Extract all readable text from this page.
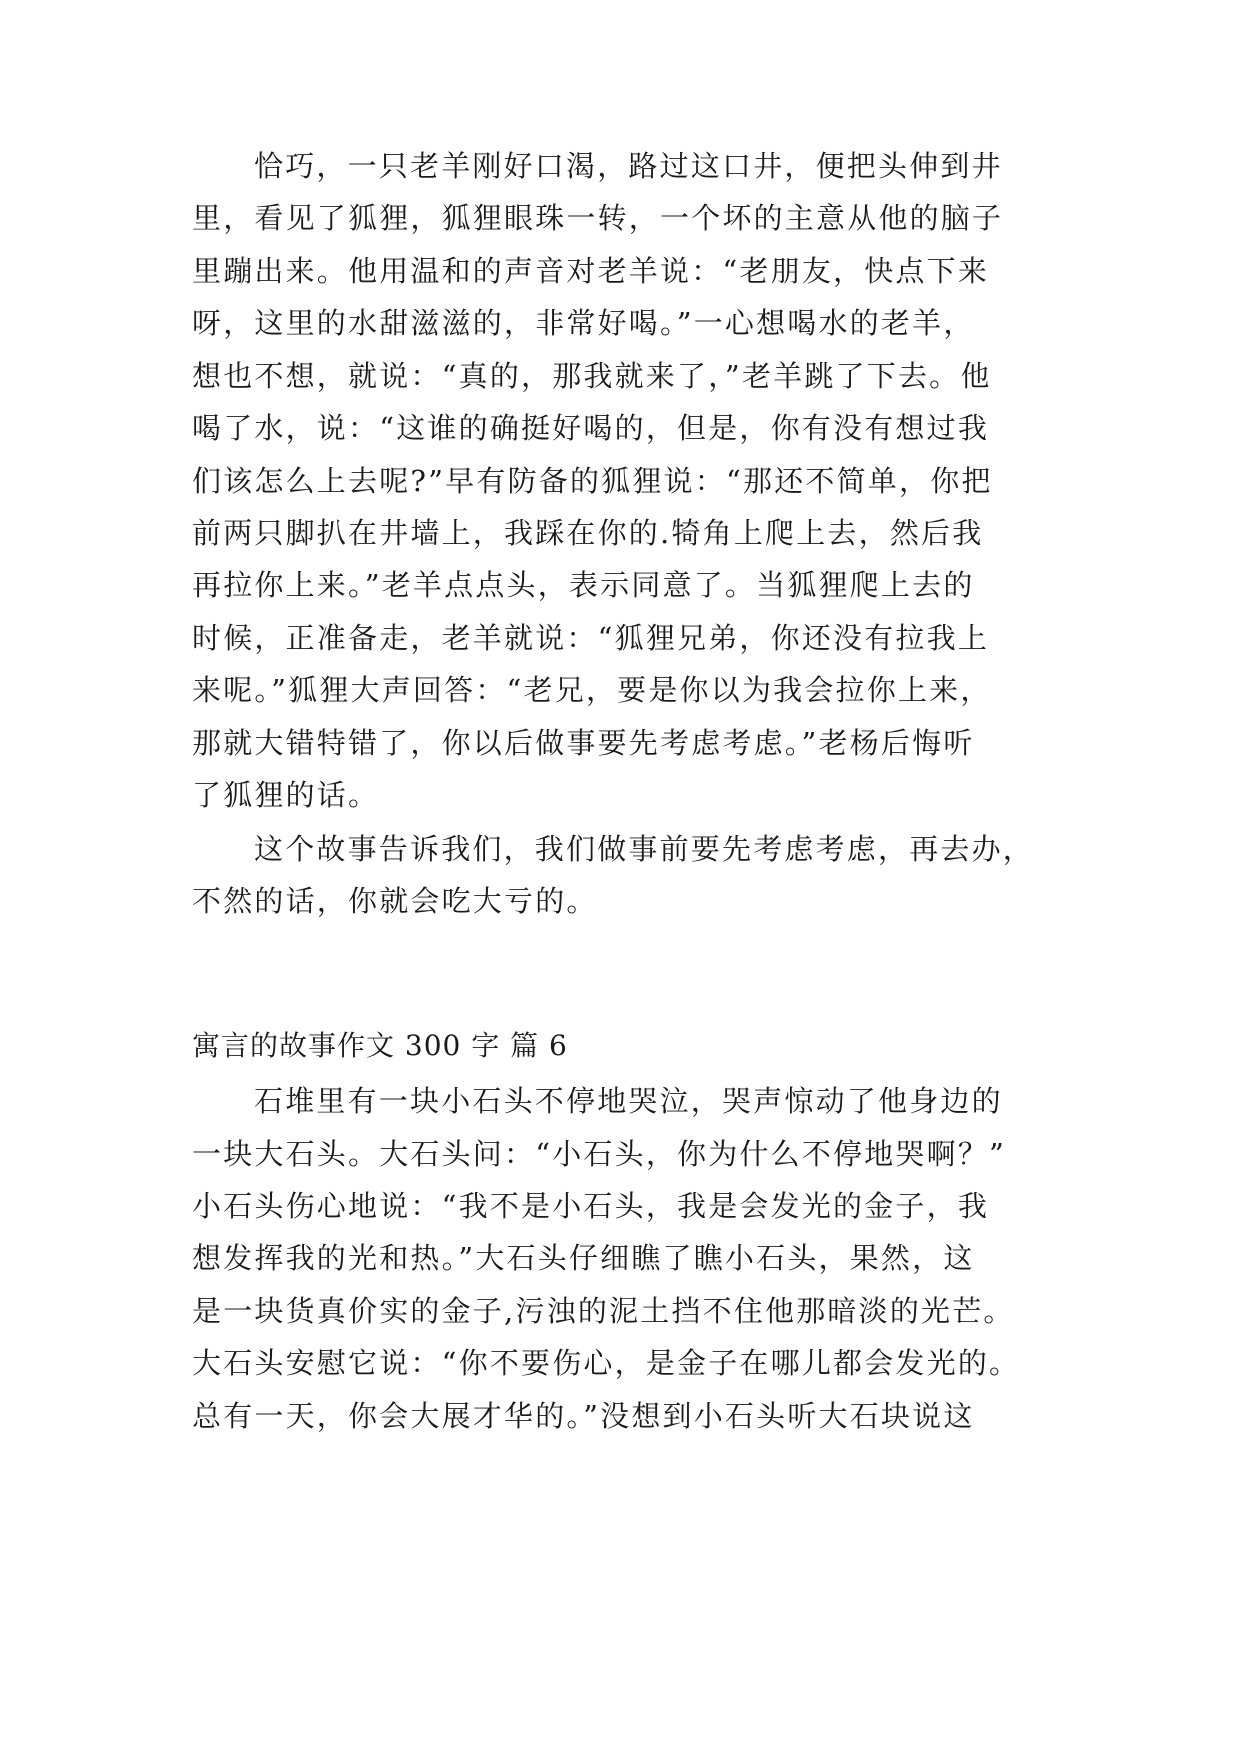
恰巧，一只老羊刚好口渴，路过这口井，便把头伸到井
里，看见了狐狸，狐狸眼珠一转，一个坏的主意从他的脑子
里蹦出来。他用温和的声音对老羊说：“老朋友，快点下来
呀，这里的水甜滋滋的，非常好喝。”一心想喝水的老羊，
想也不想，就说：“真的，那我就来了，”老羊跳了下去。他
喝了水，说：“这谁的确挺好喝的，但是，你有没有想过我
们该怎么上去呢?”早有防备的狐狸说：“那还不简单，你把
前两只脚扒在井墙上，我踩在你的.犄角上爬上去，然后我
再拉你上来。”老羊点点头，表示同意了。当狐狸爬上去的
时候，正准备走，老羊就说：“狐狸兄弟，你还没有拉我上
来呢。”狐狸大声回答：“老兄，要是你以为我会拉你上来，
那就大错特错了，你以后做事要先考虑考虑。”老杨后悔听
了狐狸的话。
这个故事告诉我们，我们做事前要先考虑考虑，再去办，
不然的话，你就会吃大亏的。
寓言的故事作文 300 字 篇 6
石堆里有一块小石头不停地哭泣，哭声惊动了他身边的
一块大石头。大石头问：“小石头，你为什么不停地哭啊？”
小石头伤心地说：“我不是小石头，我是会发光的金子，我
想发挥我的光和热。”大石头仔细瞧了瞧小石头，果然，这
是一块货真价实的金子,污浊的泥土挡不住他那暗淡的光芒。
大石头安慰它说：“你不要伤心，是金子在哪儿都会发光的。
总有一天，你会大展才华的。”没想到小石头听大石块说这
